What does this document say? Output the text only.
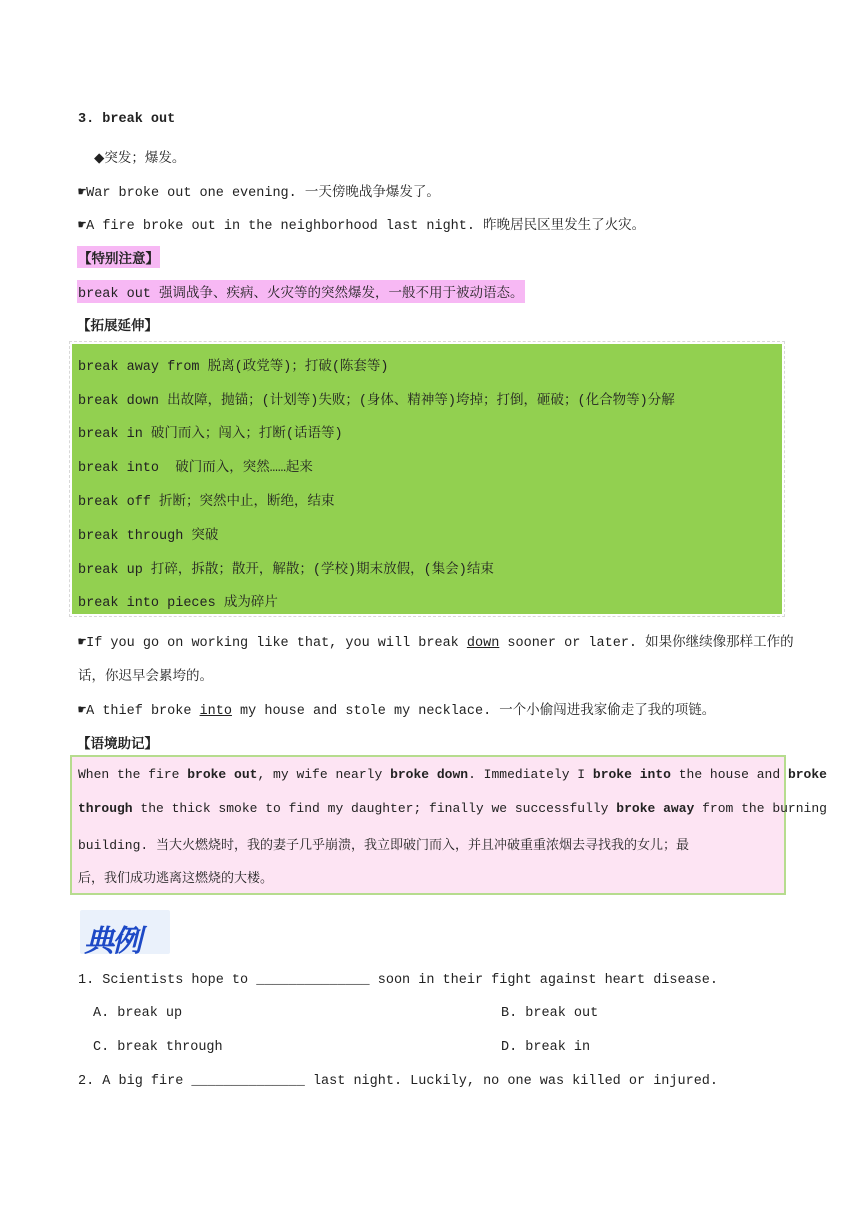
3. break out
◆突发；爆发。
☛War broke out one evening. 一天傍晚战争爆发了。
☛A fire broke out in the neighborhood last night. 昨晚居民区里发生了火灾。
【特别注意】
break out 强调战争、疾病、火灾等的突然爆发，一般不用于被动语态。
【拓展延伸】
break away from 脱离(政党等)；打破(陈套等)
break down 出故障，抛锚；(计划等)失败；(身体、精神等)垮掉；打倒，砸破；(化合物等)分解
break in 破门而入；闯入；打断(话语等)
break into  破门而入，突然……起来
break off 折断；突然中止，断绝，结束
break through 突破
break up 打碎，拆散；散开，解散；(学校)期末放假，(集会)结束
break into pieces 成为碎片
☛If you go on working like that, you will break down sooner or later. 如果你继续像那样工作的
话，你迟早会累垮的。
☛A thief broke into my house and stole my necklace. 一个小偷闯进我家偷走了我的项链。
【语境助记】
When the fire broke out, my wife nearly broke down. Immediately I broke into the house and broke
through the thick smoke to find my daughter; finally we successfully broke away from the burning
building. 当大火燃烧时，我的妻子几乎崩溃，我立即破门而入，并且冲破重重浓烟去寻找我的女儿；最
后，我们成功逃离这燃烧的大楼。
典例
1. Scientists hope to ______________ soon in their fight against heart disease.
A. break up	B. break out
C. break through	D. break in
2. A big fire ______________ last night. Luckily, no one was killed or injured.
